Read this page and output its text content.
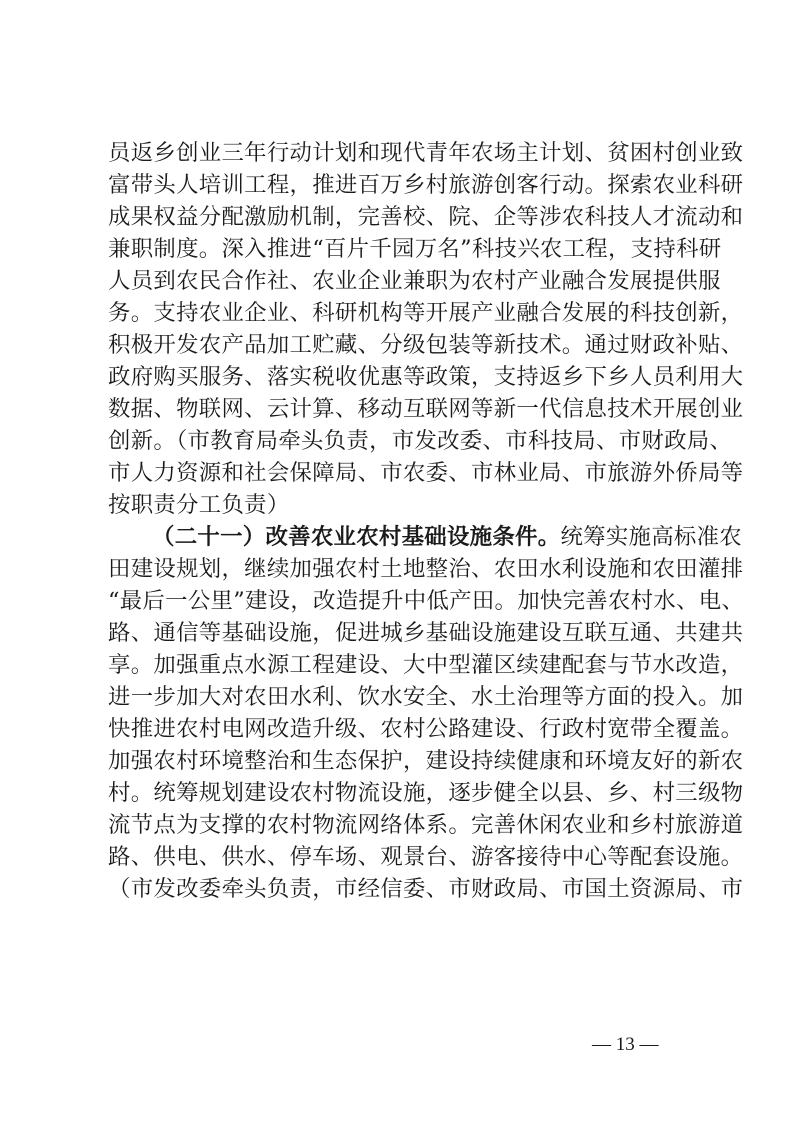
员返乡创业三年行动计划和现代青年农场主计划、贫困村创业致
富带头人培训工程，推进百万乡村旅游创客行动。探索农业科研
成果权益分配激励机制，完善校、院、企等涉农科技人才流动和
兼职制度。深入推进“百片千园万名”科技兴农工程，支持科研
人员到农民合作社、农业企业兼职为农村产业融合发展提供服
务。支持农业企业、科研机构等开展产业融合发展的科技创新，
积极开发农产品加工贮藏、分级包装等新技术。通过财政补贴、
政府购买服务、落实税收优惠等政策，支持返乡下乡人员利用大
数据、物联网、云计算、移动互联网等新一代信息技术开展创业
创新。（市教育局牵头负责，市发改委、市科技局、市财政局、
市人力资源和社会保障局、市农委、市林业局、市旅游外侨局等
按职责分工负责）
（二十一）改善农业农村基础设施条件。统筹实施高标准农
田建设规划，继续加强农村土地整治、农田水利设施和农田灌排
“最后一公里”建设，改造提升中低产田。加快完善农村水、电、
路、通信等基础设施，促进城乡基础设施建设互联互通、共建共
享。加强重点水源工程建设、大中型灌区续建配套与节水改造，
进一步加大对农田水利、饮水安全、水土治理等方面的投入。加
快推进农村电网改造升级、农村公路建设、行政村宽带全覆盖。
加强农村环境整治和生态保护，建设持续健康和环境友好的新农
村。统筹规划建设农村物流设施，逐步健全以县、乡、村三级物
流节点为支撑的农村物流网络体系。完善休闲农业和乡村旅游道
路、供电、供水、停车场、观景台、游客接待中心等配套设施。
（市发改委牵头负责，市经信委、市财政局、市国土资源局、市
— 13 —
